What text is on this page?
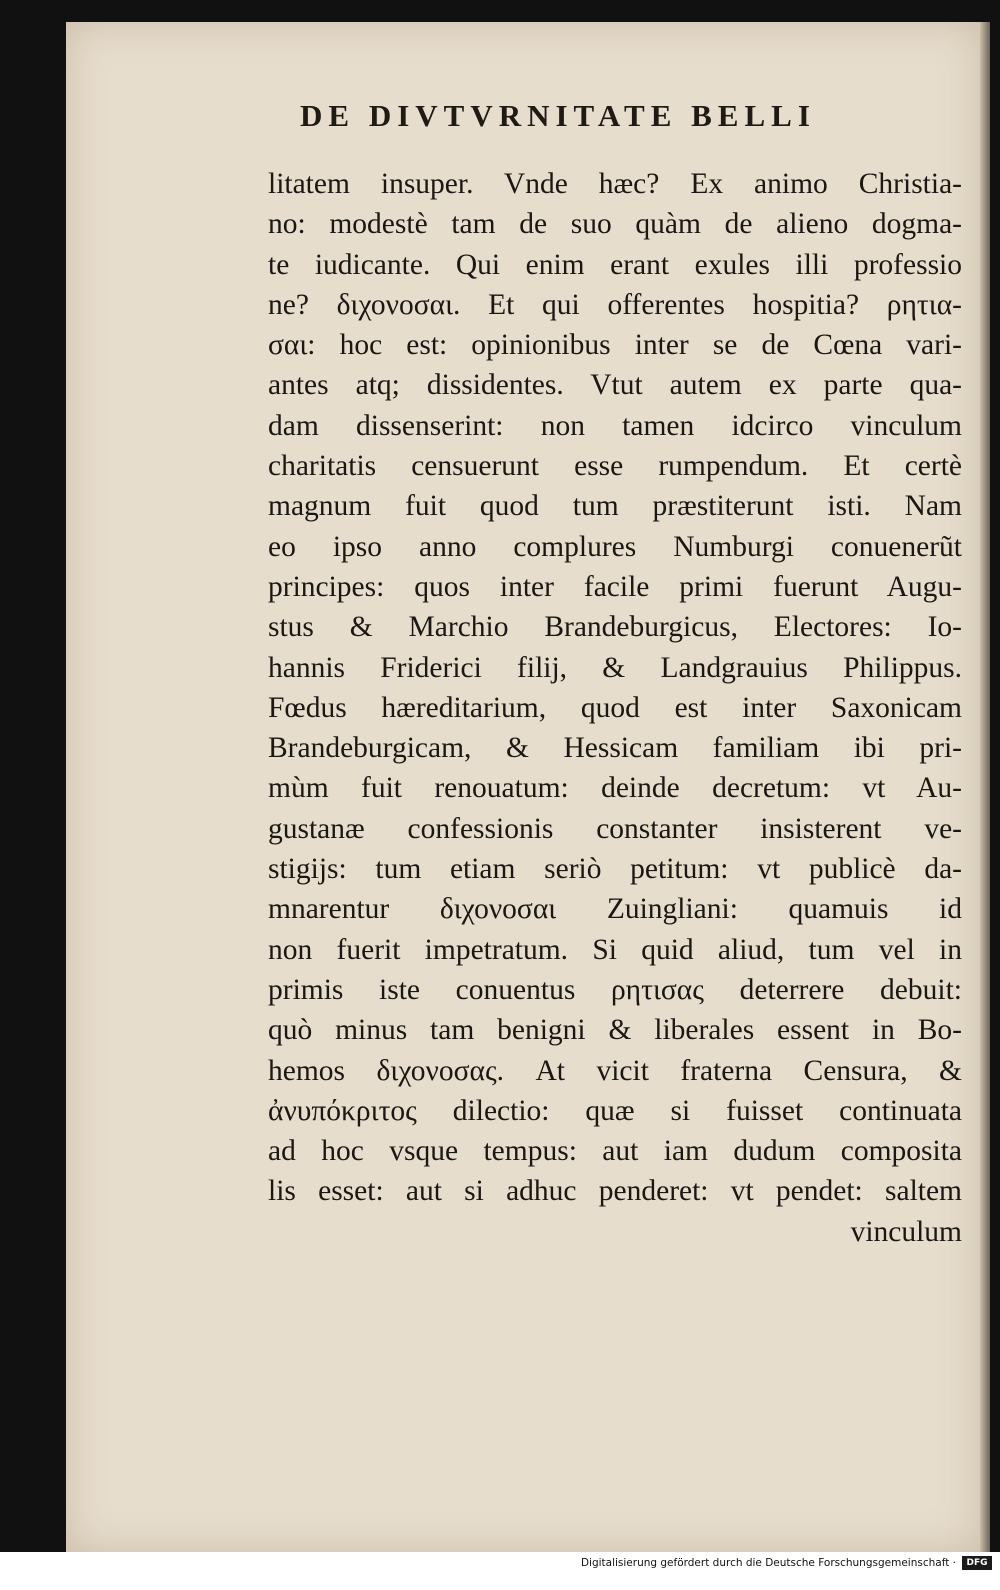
DE DIVTVRNITATE BELLI
litatem insuper. Vnde hæc? Ex animo Christia-
no: modestè tam de suo quàm de alieno dogma-
te iudicante. Qui enim erant exules illi professio
ne? διχονοσαι. Et qui offerentes hospitia? ρητια-
σαι: hoc est: opinionibus inter se de Cœna vari-
antes atq; dissidentes. Vtut autem ex parte qua-
dam dissenserint: non tamen idcirco vinculum
charitatis censuerunt esse rumpendum. Et certè
magnum fuit quod tum præstiterunt isti. Nam
eo ipso anno complures Numburgi conuenerũt
principes: quos inter facile primi fuerunt Augu-
stus & Marchio Brandeburgicus, Electores: Io-
hannis Friderici filij, & Landgrauius Philippus.
Fœdus hæreditarium, quod est inter Saxonicam
Brandeburgicam, & Hessicam familiam ibi pri-
mùm fuit renouatum: deinde decretum: vt Au-
gustanæ confessionis constanter insisterent ve-
stigijs: tum etiam seriò petitum: vt publicè da-
mnarentur διχονοσαι Zuingliani: quamuis id
non fuerit impetratum. Si quid aliud, tum vel in
primis iste conuentus ρητισας deterrere debuit:
quò minus tam benigni & liberales essent in Bo-
hemos διχονοσας. At vicit fraterna Censura, &
ἀνυπόκριτος dilectio: quæ si fuisset continuata
ad hoc vsque tempus: aut iam dudum composita
lis esset: aut si adhuc penderet: vt pendet: saltem
vinculum
Digitalisierung gefördert durch die Deutsche Forschungsgemeinschaft ·	DFG
